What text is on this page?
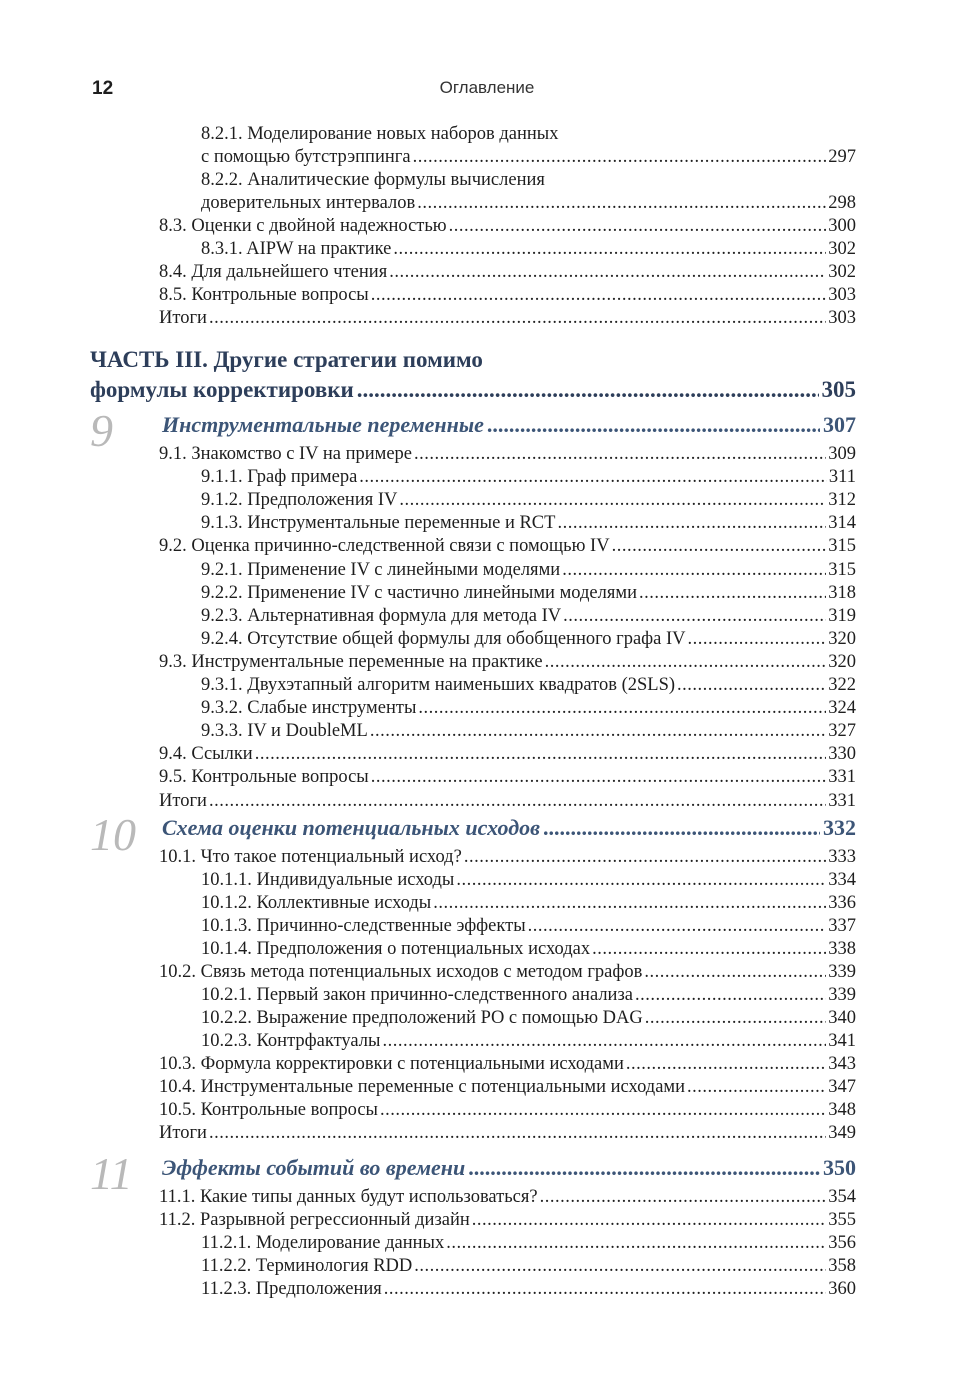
12	Оглавление
8.2.1. Моделирование новых наборов данных
с помощью бутстрэппинга .....	297
8.2.2. Аналитические формулы вычисления
доверительных интервалов .....	298
8.3. Оценки с двойной надежностью .....	300
8.3.1. AIPW на практике .....	302
8.4. Для дальнейшего чтения .....	302
8.5. Контрольные вопросы .....	303
Итоги .....	303
ЧАСТЬ III. Другие стратегии помимо
формулы корректировки .....	305
9 Инструментальные переменные .....	307
9.1. Знакомство с IV на примере .....	309
9.1.1. Граф примера .....	311
9.1.2. Предположения IV .....	312
9.1.3. Инструментальные переменные и RCT .....	314
9.2. Оценка причинно-следственной связи с помощью IV .....	315
9.2.1. Применение IV с линейными моделями .....	315
9.2.2. Применение IV с частично линейными моделями .....	318
9.2.3. Альтернативная формула для метода IV .....	319
9.2.4. Отсутствие общей формулы для обобщенного графа IV .....	320
9.3. Инструментальные переменные на практике .....	320
9.3.1. Двухэтапный алгоритм наименьших квадратов (2SLS) .....	322
9.3.2. Слабые инструменты .....	324
9.3.3. IV и DoubleML .....	327
9.4. Ссылки .....	330
9.5. Контрольные вопросы .....	331
Итоги .....	331
10 Схема оценки потенциальных исходов .....	332
10.1. Что такое потенциальный исход? .....	333
10.1.1. Индивидуальные исходы .....	334
10.1.2. Коллективные исходы .....	336
10.1.3. Причинно-следственные эффекты .....	337
10.1.4. Предположения о потенциальных исходах .....	338
10.2. Связь метода потенциальных исходов с методом графов .....	339
10.2.1. Первый закон причинно-следственного анализа .....	339
10.2.2. Выражение предположений PO с помощью DAG .....	340
10.2.3. Контрфактуалы .....	341
10.3. Формула корректировки с потенциальными исходами .....	343
10.4. Инструментальные переменные с потенциальными исходами .....	347
10.5. Контрольные вопросы .....	348
Итоги .....	349
11 Эффекты событий во времени .....	350
11.1. Какие типы данных будут использоваться? .....	354
11.2. Разрывной регрессионный дизайн .....	355
11.2.1. Моделирование данных .....	356
11.2.2. Терминология RDD .....	358
11.2.3. Предположения .....	360
